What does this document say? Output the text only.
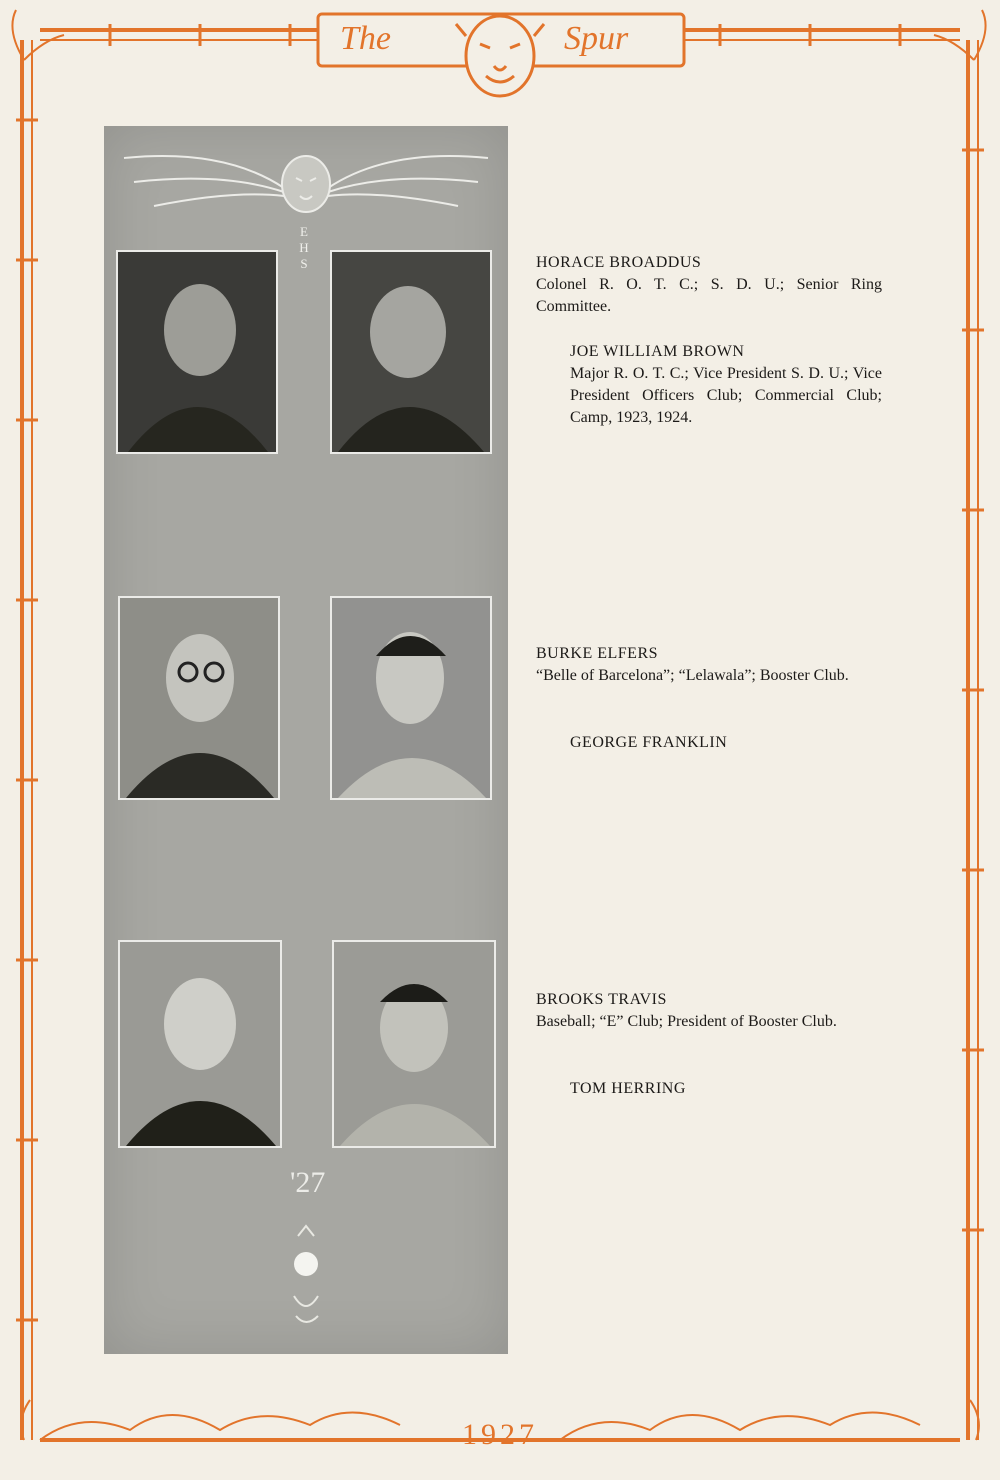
The	Spur
1927
EHS
'27
HORACE BROADDUS
Colonel R. O. T. C.; S. D. U.; Senior Ring Committee.
JOE WILLIAM BROWN
Major R. O. T. C.; Vice President S. D. U.; Vice President Officers Club; Commercial Club; Camp, 1923, 1924.
BURKE ELFERS
“Belle of Barcelona”; “Lelawala”; Booster Club.
GEORGE FRANKLIN
BROOKS TRAVIS
Baseball; “E” Club; President of Booster Club.
TOM HERRING
